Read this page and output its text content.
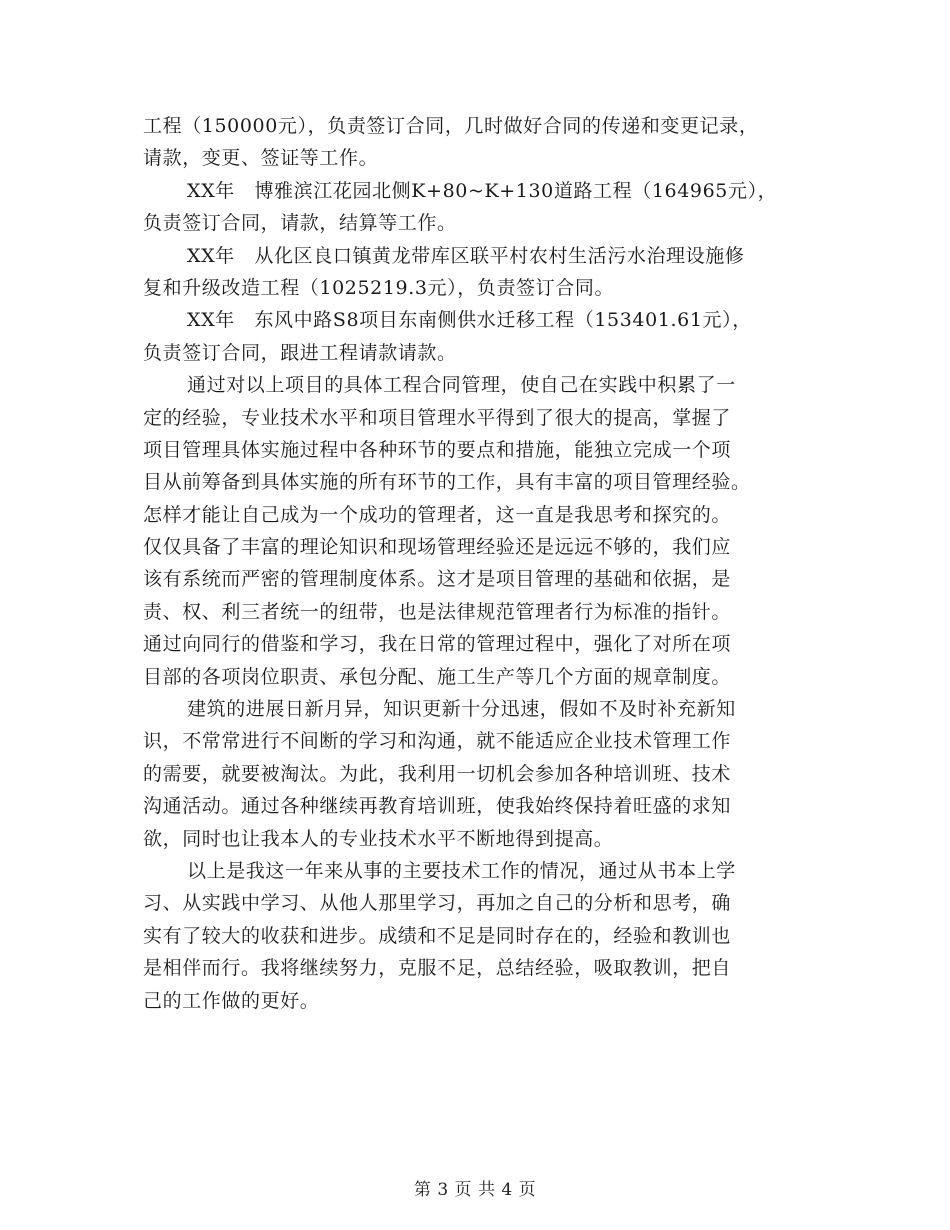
工程（150000元），负责签订合同，几时做好合同的传递和变更记录，
请款，变更、签证等工作。
XX年　博雅滨江花园北侧K+80~K+130道路工程（164965元），
负责签订合同，请款，结算等工作。
XX年　从化区良口镇黄龙带库区联平村农村生活污水治理设施修
复和升级改造工程（1025219.3元），负责签订合同。
XX年　东风中路S8项目东南侧供水迁移工程（153401.61元），
负责签订合同，跟进工程请款请款。
通过对以上项目的具体工程合同管理，使自己在实践中积累了一
定的经验，专业技术水平和项目管理水平得到了很大的提高，掌握了
项目管理具体实施过程中各种环节的要点和措施，能独立完成一个项
目从前筹备到具体实施的所有环节的工作，具有丰富的项目管理经验。
怎样才能让自己成为一个成功的管理者，这一直是我思考和探究的。
仅仅具备了丰富的理论知识和现场管理经验还是远远不够的，我们应
该有系统而严密的管理制度体系。这才是项目管理的基础和依据，是
责、权、利三者统一的纽带，也是法律规范管理者行为标准的指针。
通过向同行的借鉴和学习，我在日常的管理过程中，强化了对所在项
目部的各项岗位职责、承包分配、施工生产等几个方面的规章制度。
建筑的进展日新月异，知识更新十分迅速，假如不及时补充新知
识，不常常进行不间断的学习和沟通，就不能适应企业技术管理工作
的需要，就要被淘汰。为此，我利用一切机会参加各种培训班、技术
沟通活动。通过各种继续再教育培训班，使我始终保持着旺盛的求知
欲，同时也让我本人的专业技术水平不断地得到提高。
以上是我这一年来从事的主要技术工作的情况，通过从书本上学
习、从实践中学习、从他人那里学习，再加之自己的分析和思考，确
实有了较大的收获和进步。成绩和不足是同时存在的，经验和教训也
是相伴而行。我将继续努力，克服不足，总结经验，吸取教训，把自
己的工作做的更好。
第 3 页 共 4 页
